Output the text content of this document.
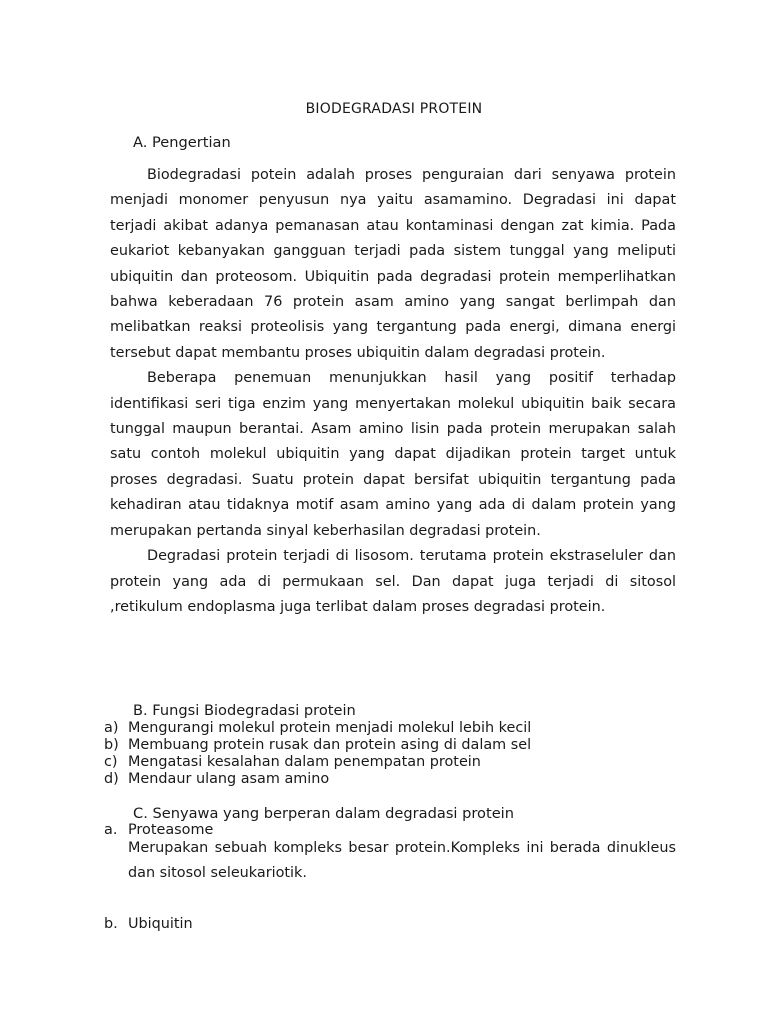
BIODEGRADASI PROTEIN
A. Pengertian

Biodegradasi potein adalah proses penguraian dari senyawa protein menjadi monomer penyusun nya yaitu asamamino. Degradasi ini dapat terjadi akibat adanya pemanasan atau kontaminasi dengan zat kimia. Pada eukariot kebanyakan gangguan terjadi pada sistem tunggal yang meliputi ubiquitin dan proteosom. Ubiquitin pada degradasi protein memperlihatkan bahwa keberadaan 76 protein asam amino yang sangat berlimpah dan melibatkan reaksi proteolisis yang tergantung pada energi, dimana energi tersebut dapat membantu proses ubiquitin dalam degradasi protein.

Beberapa penemuan menunjukkan hasil yang positif terhadap identifikasi seri tiga enzim yang menyertakan molekul ubiquitin baik secara tunggal maupun berantai. Asam amino lisin pada protein merupakan salah satu contoh molekul ubiquitin yang dapat dijadikan protein target untuk proses degradasi. Suatu protein dapat bersifat ubiquitin tergantung pada kehadiran atau tidaknya motif asam amino yang ada di dalam protein yang merupakan pertanda sinyal keberhasilan degradasi protein.

Degradasi protein terjadi di lisosom. terutama protein ekstraseluler dan protein yang ada di permukaan sel. Dan dapat juga terjadi di sitosol ,retikulum endoplasma juga terlibat dalam proses degradasi protein.

B. Fungsi Biodegradasi protein
a) Mengurangi molekul protein menjadi molekul lebih kecil
b) Membuang protein rusak dan protein asing di dalam sel
c) Mengatasi kesalahan dalam penempatan protein
d) Mendaur ulang asam amino
C. Senyawa yang berperan dalam degradasi protein
a. Proteasome

Merupakan sebuah kompleks besar protein.Kompleks ini berada dinukleus dan sitosol seleukariotik.

b. Ubiquitin
